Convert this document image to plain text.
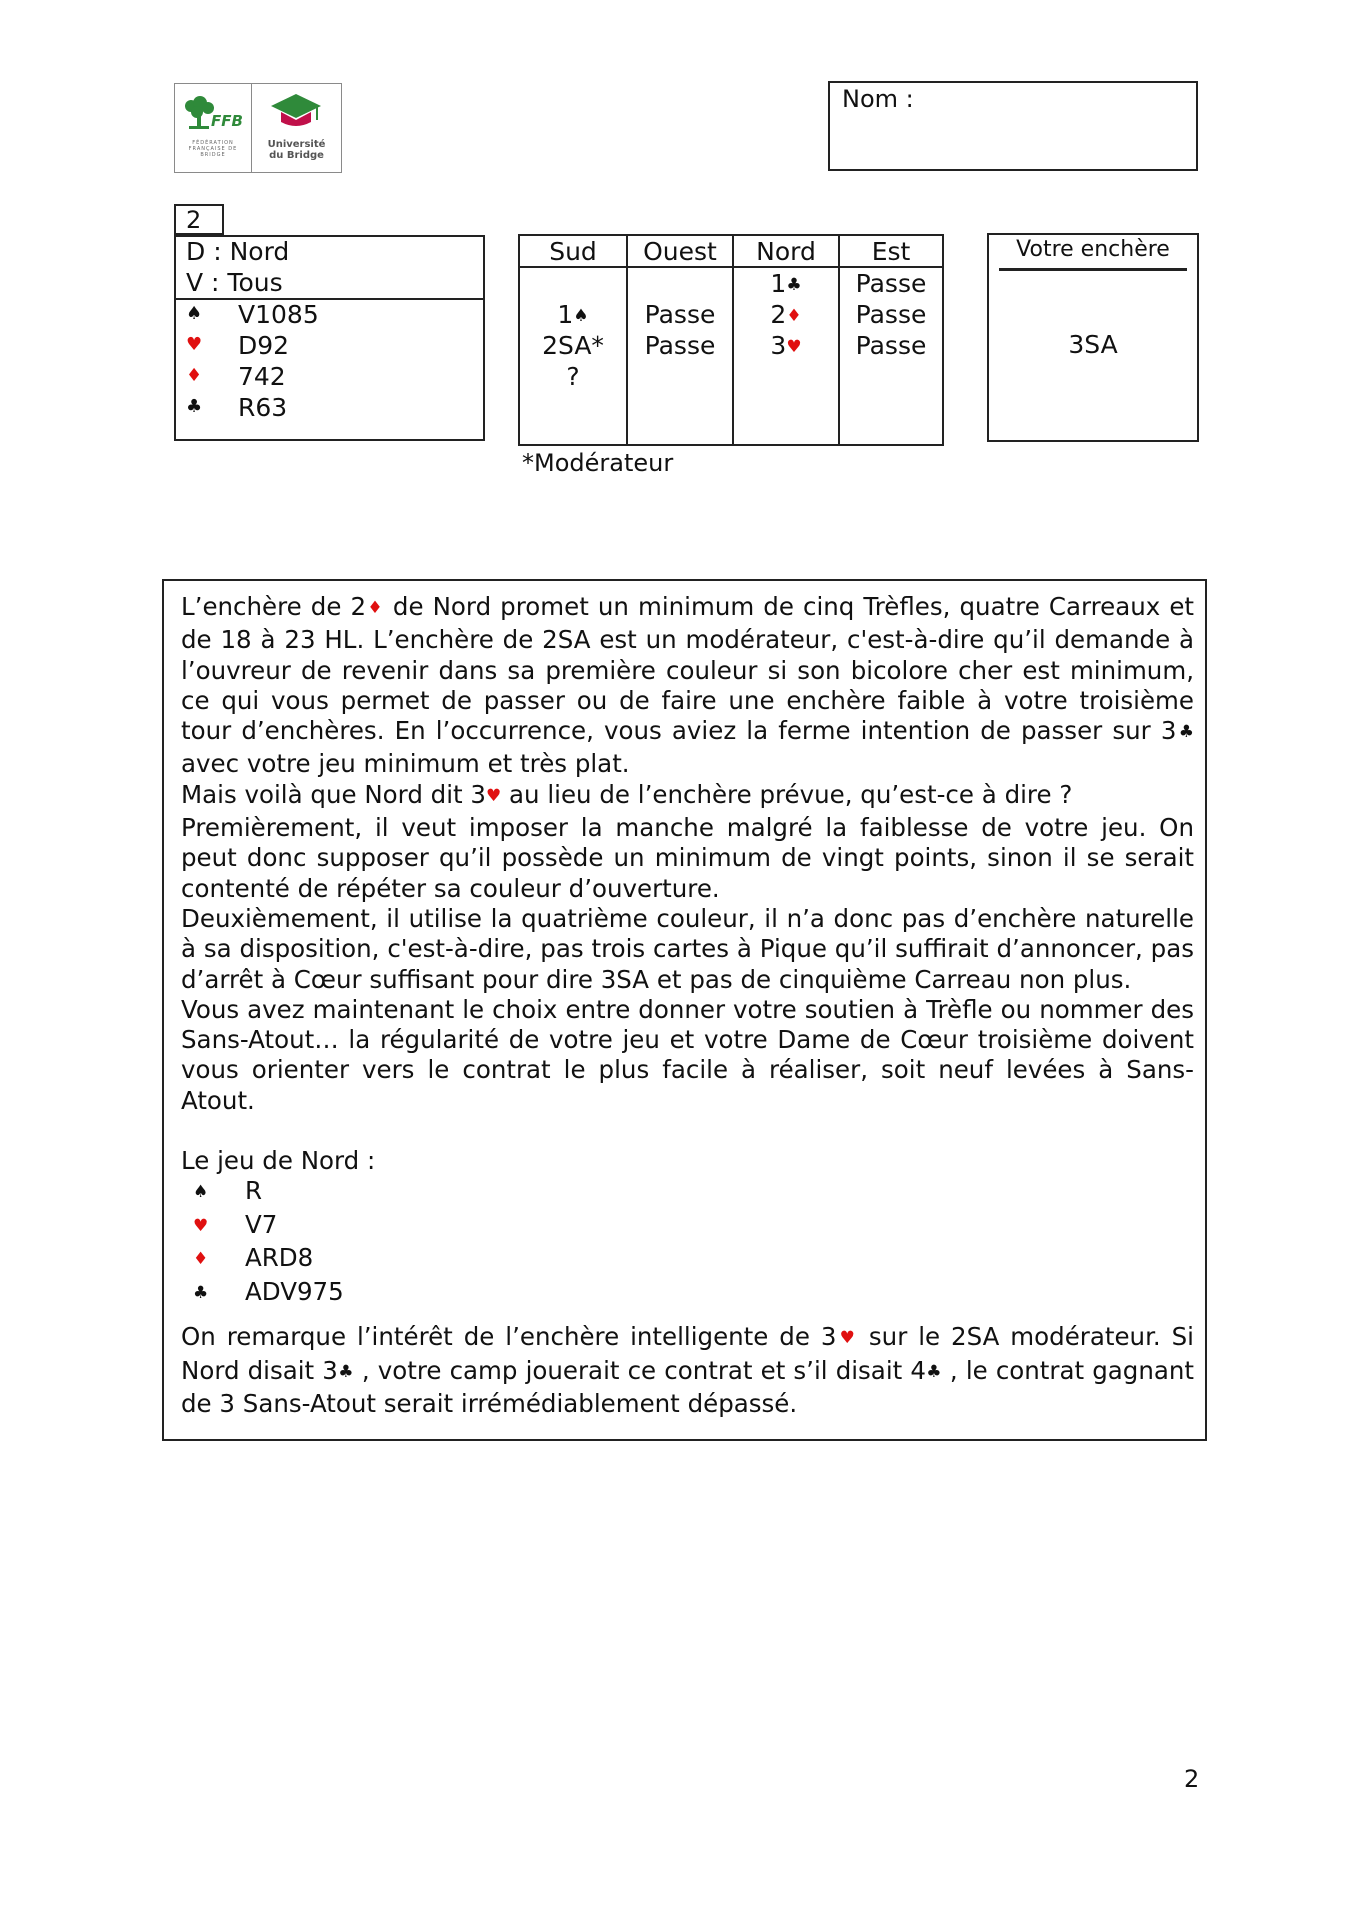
FFB
FÉDÉRATION FRANÇAISE DE BRIDGE
Université
du Bridge
Nom :
2
D : Nord
V : Tous
♠ V1085
♥ D92
♦ 742
♣ R63
Sud
1♠
2SA*
?
Ouest
Passe
Passe
Nord
1♣
2♦
3♥
Est
Passe
Passe
Passe
*Modérateur
Votre enchère
3SA

L’enchère de 2♦ de Nord promet un minimum de cinq Trèfles, quatre Carreaux et de 18 à 23 HL. L’enchère de 2SA est un modérateur, c'est-à-dire qu’il demande à l’ouvreur de revenir dans sa première couleur si son bicolore cher est minimum, ce qui vous permet de passer ou de faire une enchère faible à votre troisième tour d’enchères. En l’occurrence, vous aviez la ferme intention de passer sur 3♣ avec votre jeu minimum et très plat.

Mais voilà que Nord dit 3♥ au lieu de l’enchère prévue, qu’est-ce à dire ?

Premièrement, il veut imposer la manche malgré la faiblesse de votre jeu. On peut donc supposer qu’il possède un minimum de vingt points, sinon il se serait contenté de répéter sa couleur d’ouverture.

Deuxièmement, il utilise la quatrième couleur, il n’a donc pas d’enchère naturelle à sa disposition, c'est-à-dire, pas trois cartes à Pique qu’il suffirait d’annoncer, pas d’arrêt à Cœur suffisant pour dire 3SA et pas de cinquième Carreau non plus.

Vous avez maintenant le choix entre donner votre soutien à Trèfle ou nommer des Sans-Atout… la régularité de votre jeu et votre Dame de Cœur troisième doivent vous orienter vers le contrat le plus facile à réaliser, soit neuf levées à Sans-Atout.

Le jeu de Nord :

♠ R
♥ V7
♦ ARD8
♣ ADV975

On remarque l’intérêt de l’enchère intelligente de 3♥ sur le 2SA modérateur. Si Nord disait 3♣ , votre camp jouerait ce contrat et s’il disait 4♣ , le contrat gagnant de 3 Sans-Atout serait irrémédiablement dépassé.

2
